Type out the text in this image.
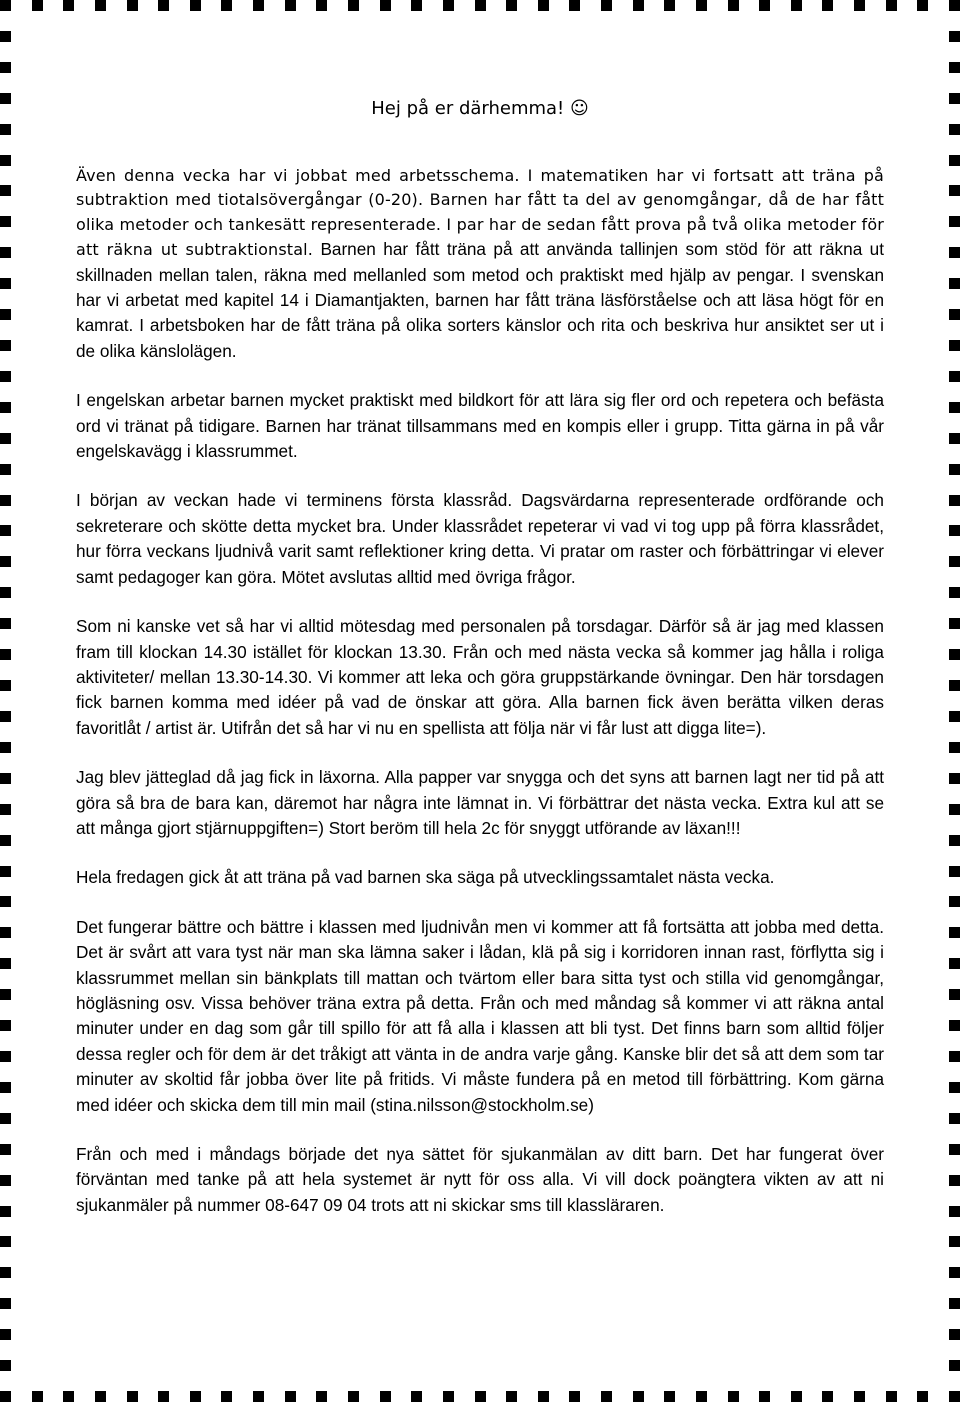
Hej på er därhemma! ☺

Även denna vecka har vi jobbat med arbetsschema. I matematiken har vi fortsatt att träna på subtraktion med tiotalsövergångar (0-20). Barnen har fått ta del av genomgångar, då de har fått olika metoder och tankesätt representerade. I par har de sedan fått prova på två olika metoder för att räkna ut subtraktionstal. Barnen har fått träna på att använda tallinjen som stöd för att räkna ut skillnaden mellan talen, räkna med mellanled som metod och praktiskt med hjälp av pengar. I svenskan har vi arbetat med kapitel 14 i Diamantjakten, barnen har fått träna läsförståelse och att läsa högt för en kamrat. I arbetsboken har de fått träna på olika sorters känslor och rita och beskriva hur ansiktet ser ut i de olika känslolägen.

I engelskan arbetar barnen mycket praktiskt med bildkort för att lära sig fler ord och repetera och befästa ord vi tränat på tidigare. Barnen har tränat tillsammans med en kompis eller i grupp. Titta gärna in på vår engelskavägg i klassrummet.

I början av veckan hade vi terminens första klassråd. Dagsvärdarna representerade ordförande och sekreterare och skötte detta mycket bra. Under klassrådet repeterar vi vad vi tog upp på förra klassrådet, hur förra veckans ljudnivå varit samt reflektioner kring detta. Vi pratar om raster och förbättringar vi elever samt pedagoger kan göra. Mötet avslutas alltid med övriga frågor.

Som ni kanske vet så har vi alltid mötesdag med personalen på torsdagar. Därför så är jag med klassen fram till klockan 14.30 istället för klockan 13.30. Från och med nästa vecka så kommer jag hålla i roliga aktiviteter/ mellan 13.30-14.30. Vi kommer att leka och göra gruppstärkande övningar. Den här torsdagen fick barnen komma med idéer på vad de önskar att göra. Alla barnen fick även berätta vilken deras favoritlåt / artist är. Utifrån det så har vi nu en spellista att följa när vi får lust att digga lite=).

Jag blev jätteglad då jag fick in läxorna. Alla papper var snygga och det syns att barnen lagt ner tid på att göra så bra de bara kan, däremot har några inte lämnat in. Vi förbättrar det nästa vecka. Extra kul att se att många gjort stjärnuppgiften=) Stort beröm till hela 2c för snyggt utförande av läxan!!!

Hela fredagen gick åt att träna på vad barnen ska säga på utvecklingssamtalet nästa vecka.

Det fungerar bättre och bättre i klassen med ljudnivån men vi kommer att få fortsätta att jobba med detta. Det är svårt att vara tyst när man ska lämna saker i lådan, klä på sig i korridoren innan rast, förflytta sig i klassrummet mellan sin bänkplats till mattan och tvärtom eller bara sitta tyst och stilla vid genomgångar, högläsning osv. Vissa behöver träna extra på detta. Från och med måndag så kommer vi att räkna antal minuter under en dag som går till spillo för att få alla i klassen att bli tyst. Det finns barn som alltid följer dessa regler och för dem är det tråkigt att vänta in de andra varje gång. Kanske blir det så att dem som tar minuter av skoltid får jobba över lite på fritids. Vi måste fundera på en metod till förbättring. Kom gärna med idéer och skicka dem till min mail (stina.nilsson@stockholm.se)

Från och med i måndags började det nya sättet för sjukanmälan av ditt barn. Det har fungerat över förväntan med tanke på att hela systemet är nytt för oss alla. Vi vill dock poängtera vikten av att ni sjukanmäler på nummer 08-647 09 04 trots att ni skickar sms till klassläraren.
